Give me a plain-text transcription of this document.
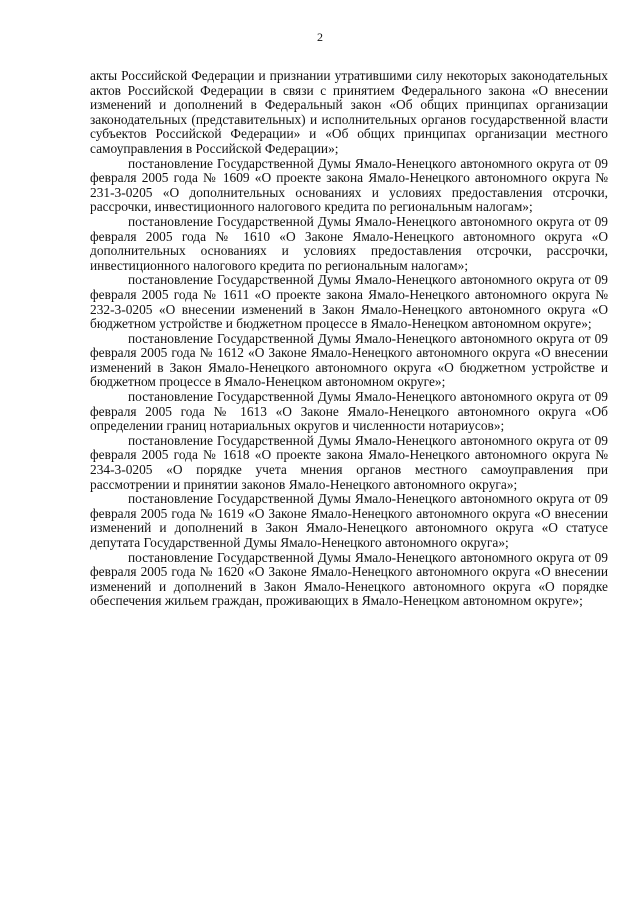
2

акты Российской Федерации и признании утратившими силу некоторых законодательных актов Российской Федерации в связи с принятием Федерального закона «О внесении изменений и дополнений в Федеральный закон «Об общих принципах организации законодательных (представительных) и исполнительных органов государственной власти субъектов Российской Федерации» и «Об общих принципах организации местного самоуправления в Российской Федерации»;

постановление Государственной Думы Ямало-Ненецкого автономного округа от 09 февраля 2005 года № 1609 «О проекте закона Ямало-Ненецкого автономного округа № 231-3-0205 «О дополнительных основаниях и условиях предоставления отсрочки, рассрочки, инвестиционного налогового кредита по региональным налогам»;

постановление Государственной Думы Ямало-Ненецкого автономного округа от 09 февраля 2005 года № 1610 «О Законе Ямало-Ненецкого автономного округа «О дополнительных основаниях и условиях предоставления отсрочки, рассрочки, инвестиционного налогового кредита по региональным налогам»;

постановление Государственной Думы Ямало-Ненецкого автономного округа от 09 февраля 2005 года № 1611 «О проекте закона Ямало-Ненецкого автономного округа № 232-3-0205 «О внесении изменений в Закон Ямало-Ненецкого автономного округа «О бюджетном устройстве и бюджетном процессе в Ямало-Ненецком автономном округе»;

постановление Государственной Думы Ямало-Ненецкого автономного округа от 09 февраля 2005 года № 1612 «О Законе Ямало-Ненецкого автономного округа «О внесении изменений в Закон Ямало-Ненецкого автономного округа «О бюджетном устройстве и бюджетном процессе в Ямало-Ненецком автономном округе»;

постановление Государственной Думы Ямало-Ненецкого автономного округа от 09 февраля 2005 года № 1613 «О Законе Ямало-Ненецкого автономного округа «Об определении границ нотариальных округов и численности нотариусов»;

постановление Государственной Думы Ямало-Ненецкого автономного округа от 09 февраля 2005 года № 1618 «О проекте закона Ямало-Ненецкого автономного округа № 234-3-0205 «О порядке учета мнения органов местного самоуправления при рассмотрении и принятии законов Ямало-Ненецкого автономного округа»;

постановление Государственной Думы Ямало-Ненецкого автономного округа от 09 февраля 2005 года № 1619 «О Законе Ямало-Ненецкого автономного округа «О внесении изменений и дополнений в Закон Ямало-Ненецкого автономного округа «О статусе депутата Государственной Думы Ямало-Ненецкого автономного округа»;

постановление Государственной Думы Ямало-Ненецкого автономного округа от 09 февраля 2005 года № 1620 «О Законе Ямало-Ненецкого автономного округа «О внесении изменений и дополнений в Закон Ямало-Ненецкого автономного округа «О порядке обеспечения жильем граждан, проживающих в Ямало-Ненецком автономном округе»;
